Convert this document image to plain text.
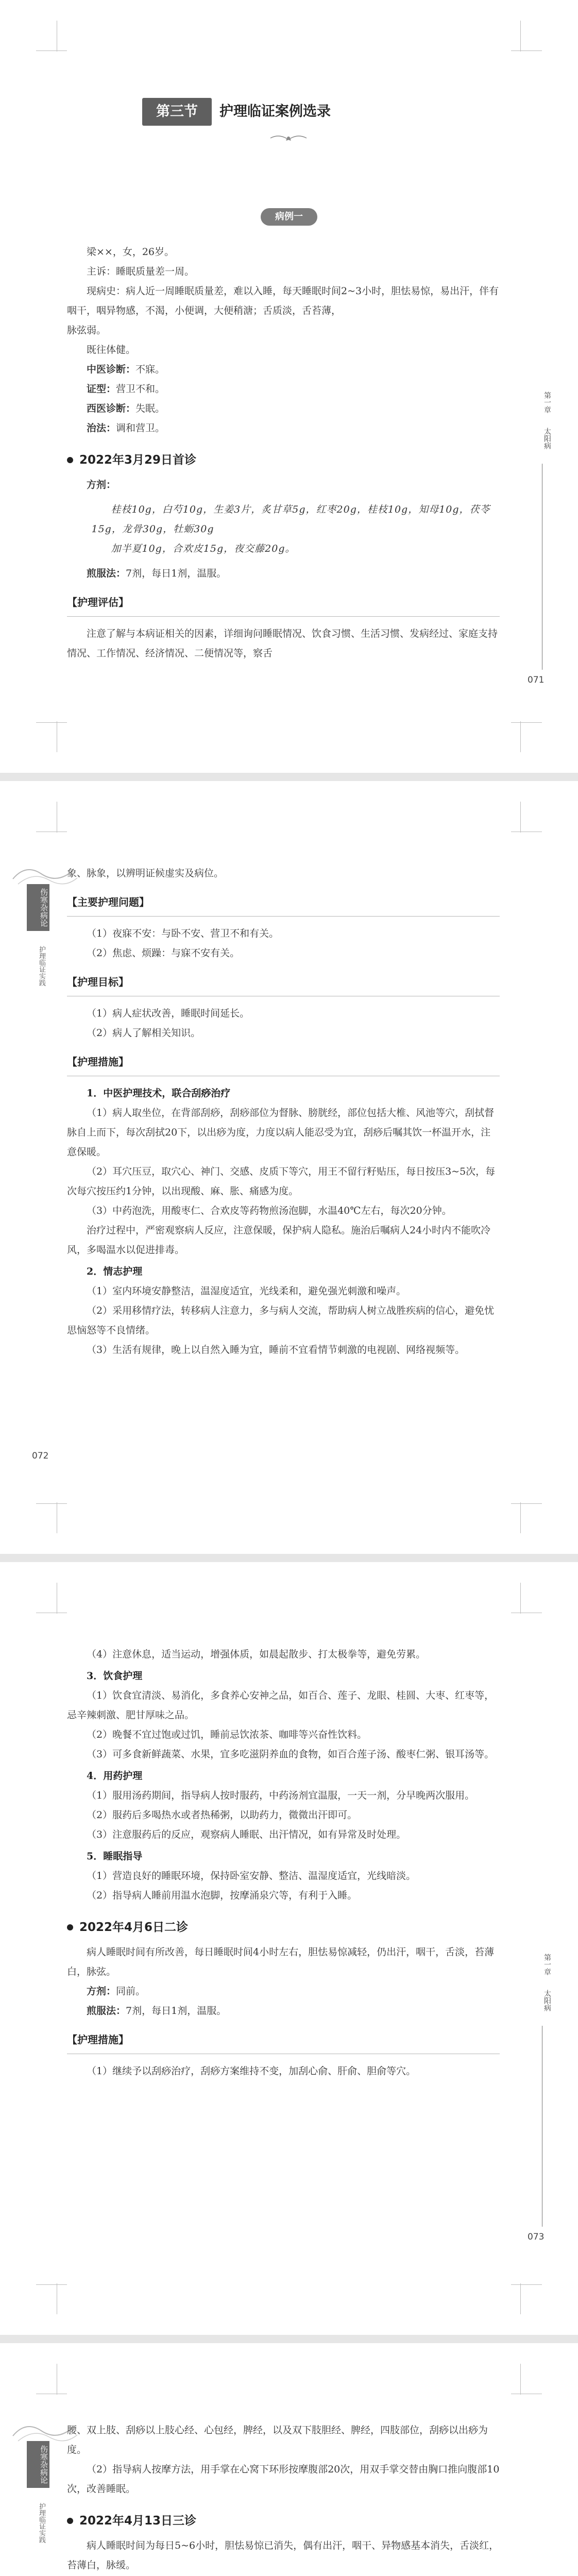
第三节	护理临证案例选录
病例一

梁××，女，26岁。

主诉：睡眠质量差一周。

现病史：病人近一周睡眠质量差，难以入睡，每天睡眠时间2~3小时，胆怯易惊，易出汗，伴有咽干，咽异物感，不渴，小便调，大便稍溏；舌质淡，舌苔薄，

脉弦弱。

既往体健。

中医诊断：不寐。

证型：营卫不和。

西医诊断：失眠。

治法：调和营卫。

2022年3月29日首诊

方剂：

桂枝10g，白芍10g，生姜3片，炙甘草5g，红枣20g，桂枝10g，知母10g，茯苓15g，龙骨30g，牡蛎30g

加半夏10g，合欢皮15g，夜交藤20g。

煎服法：7剂，每日1剂，温服。

【护理评估】

注意了解与本病证相关的因素，详细询问睡眠情况、饮食习惯、生活习惯、发病经过、家庭支持情况、工作情况、经济情况、二便情况等，察舌

第一章
太阳病
071
伤寒杂病论
护理临证实践

象、脉象，以辨明证候虚实及病位。

【主要护理问题】

（1）夜寐不安：与卧不安、营卫不和有关。

（2）焦虑、烦躁：与寐不安有关。

【护理目标】

（1）病人症状改善，睡眠时间延长。

（2）病人了解相关知识。

【护理措施】

1．中医护理技术，联合刮痧治疗

（1）病人取坐位，在背部刮痧，刮痧部位为督脉、膀胱经，部位包括大椎、风池等穴，刮拭督脉自上而下，每次刮拭20下，以出痧为度，力度以病人能忍受为宜，刮痧后嘱其饮一杯温开水，注意保暖。

（2）耳穴压豆，取穴心、神门、交感、皮质下等穴，用王不留行籽贴压，每日按压3~5次，每次每穴按压约1分钟，以出现酸、麻、胀、痛感为度。

（3）中药泡洗，用酸枣仁、合欢皮等药物煎汤泡脚，水温40℃左右，每次20分钟。

治疗过程中，严密观察病人反应，注意保暖，保护病人隐私。施治后嘱病人24小时内不能吹冷风，多喝温水以促进排毒。

2．情志护理

（1）室内环境安静整洁，温湿度适宜，光线柔和，避免强光刺激和噪声。

（2）采用移情疗法，转移病人注意力，多与病人交流，帮助病人树立战胜疾病的信心，避免忧思恼怒等不良情绪。

（3）生活有规律，晚上以自然入睡为宜，睡前不宜看情节刺激的电视剧、网络视频等。

072

（4）注意休息，适当运动，增强体质，如晨起散步、打太极拳等，避免劳累。

3．饮食护理

（1）饮食宜清淡、易消化，多食养心安神之品，如百合、莲子、龙眼、桂圆、大枣、红枣等，忌辛辣刺激、肥甘厚味之品。

（2）晚餐不宜过饱或过饥，睡前忌饮浓茶、咖啡等兴奋性饮料。

（3）可多食新鲜蔬菜、水果，宜多吃滋阴养血的食物，如百合莲子汤、酸枣仁粥、银耳汤等。

4．用药护理

（1）服用汤药期间，指导病人按时服药，中药汤剂宜温服，一天一剂，分早晚两次服用。

（2）服药后多喝热水或者热稀粥，以助药力，微微出汗即可。

（3）注意服药后的反应，观察病人睡眠、出汗情况，如有异常及时处理。

5．睡眠指导

（1）营造良好的睡眠环境，保持卧室安静、整洁、温湿度适宜，光线暗淡。

（2）指导病人睡前用温水泡脚，按摩涌泉穴等，有利于入睡。

2022年4月6日二诊

病人睡眠时间有所改善，每日睡眠时间4小时左右，胆怯易惊减轻，仍出汗，咽干，舌淡，苔薄白，脉弦。

方剂：同前。

煎服法：7剂，每日1剂，温服。

【护理措施】

（1）继续予以刮痧治疗，刮痧方案维持不变，加刮心俞、肝俞、胆俞等穴。

第一章
太阳病
073
伤寒杂病论
护理临证实践

腰、双上肢、刮痧以上肢心经、心包经，脾经，以及双下肢胆经、脾经，四肢部位，刮痧以出痧为度。

（2）指导病人按摩方法，用手掌在心窝下环形按摩腹部20次，用双手掌交替由胸口推向腹部10次，改善睡眠。

2022年4月13日三诊

病人睡眠时间为每日5~6小时，胆怯易惊已消失，偶有出汗，咽干、异物感基本消失，舌淡红，苔薄白，脉缓。
